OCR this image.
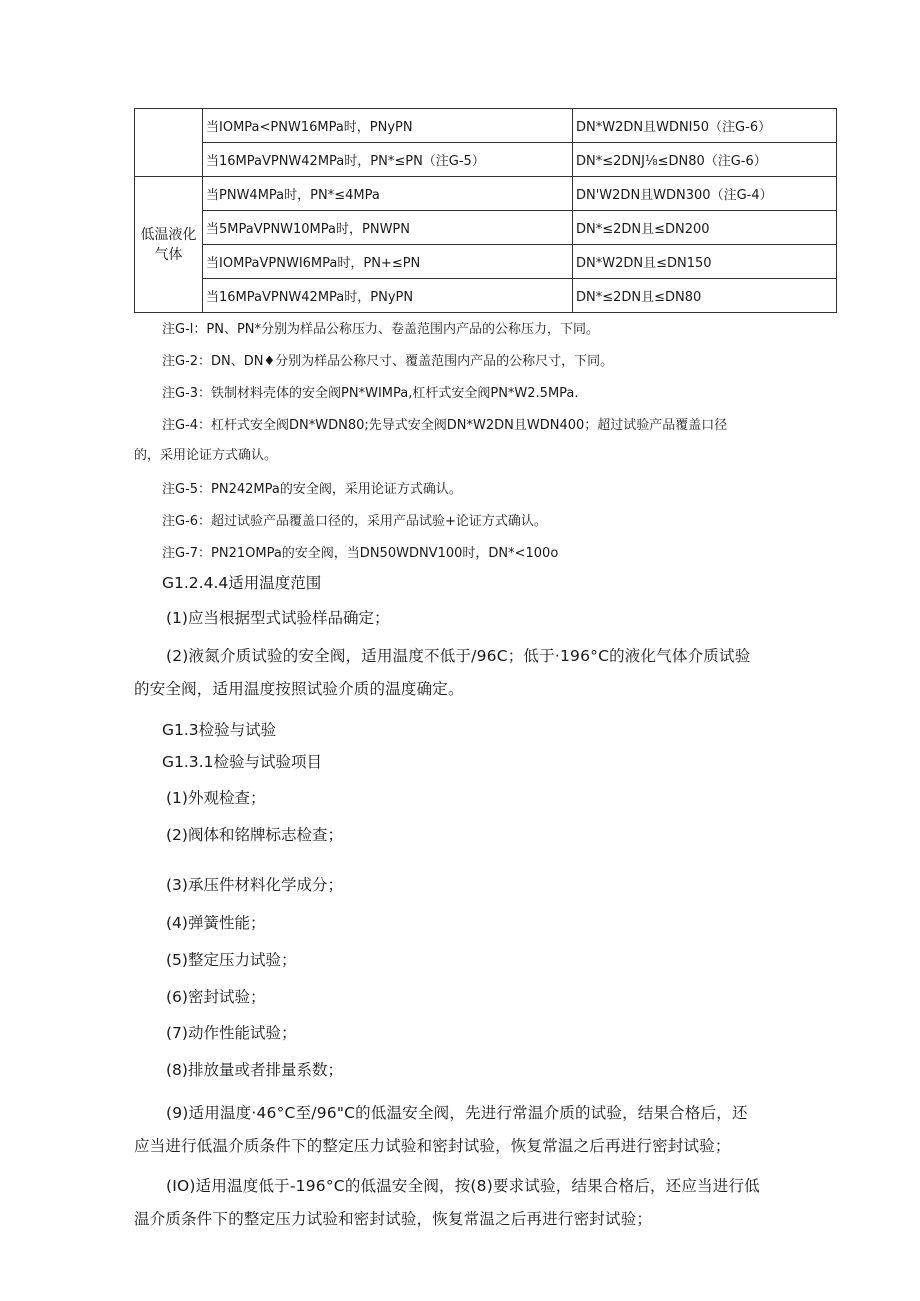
	当IOMPa<PNW16MPa时，PNyPN	DN*W2DN且WDNI50（注G-6）
	当16MPaVPNW42MPa时，PN*≤PN（注G-5）	DN*≤2DNJ⅛≤DN80（注G-6）
低温液化气体	当PNW4MPa时，PN*≤4MPa	DN'W2DN且WDN300（注G-4）
	当5MPaVPNW10MPa时，PNWPN	DN*≤2DN且≤DN200
	当IOMPaVPNWI6MPa时，PN+≤PN	DN*W2DN且≤DN150
	当16MPaVPNW42MPa时，PNyPN	DN*≤2DN且≤DN80
注G-l：PN、PN*分别为样品公称压力、卷盖范围内产品的公称压力，下同。
注G-2：DN、DN♦分别为样品公称尺寸、覆盖范围内产品的公称尺寸，下同。
注G-3：铁制材料壳体的安全阀PN*WIMPa,杠杆式安全阀PN*W2.5MPa.
注G-4：杠杆式安全阀DN*WDN80;先导式安全阀DN*W2DN且WDN400；超过试验产品覆盖口径
的，采用论证方式确认。
注G-5：PN242MPa的安全阀，采用论证方式确认。
注G-6：超过试验产品覆盖口径的，采用产品试验+论证方式确认。
注G-7：PN21OMPa的安全阀，当DN50WDNV100时，DN*<100o
G1.2.4.4适用温度范围
(1)应当根据型式试验样品确定；
(2)液氮介质试验的安全阀，适用温度不低于/96C；低于·196°C的液化气体介质试验
的安全阀，适用温度按照试验介质的温度确定。
G1.3检验与试验
G1.3.1检验与试验项目
(1)外观检查；
(2)阀体和铭牌标志检查；
(3)承压件材料化学成分；
(4)弹簧性能；
(5)整定压力试验；
(6)密封试验；
(7)动作性能试验；
(8)排放量或者排量系数；
(9)适用温度·46°C至/96"C的低温安全阀，先进行常温介质的试验，结果合格后，还
应当进行低温介质条件下的整定压力试验和密封试验，恢复常温之后再进行密封试验；
(IO)适用温度低于-196°C的低温安全阀，按(8)要求试验，结果合格后，还应当进行低
温介质条件下的整定压力试验和密封试验，恢复常温之后再进行密封试验；
